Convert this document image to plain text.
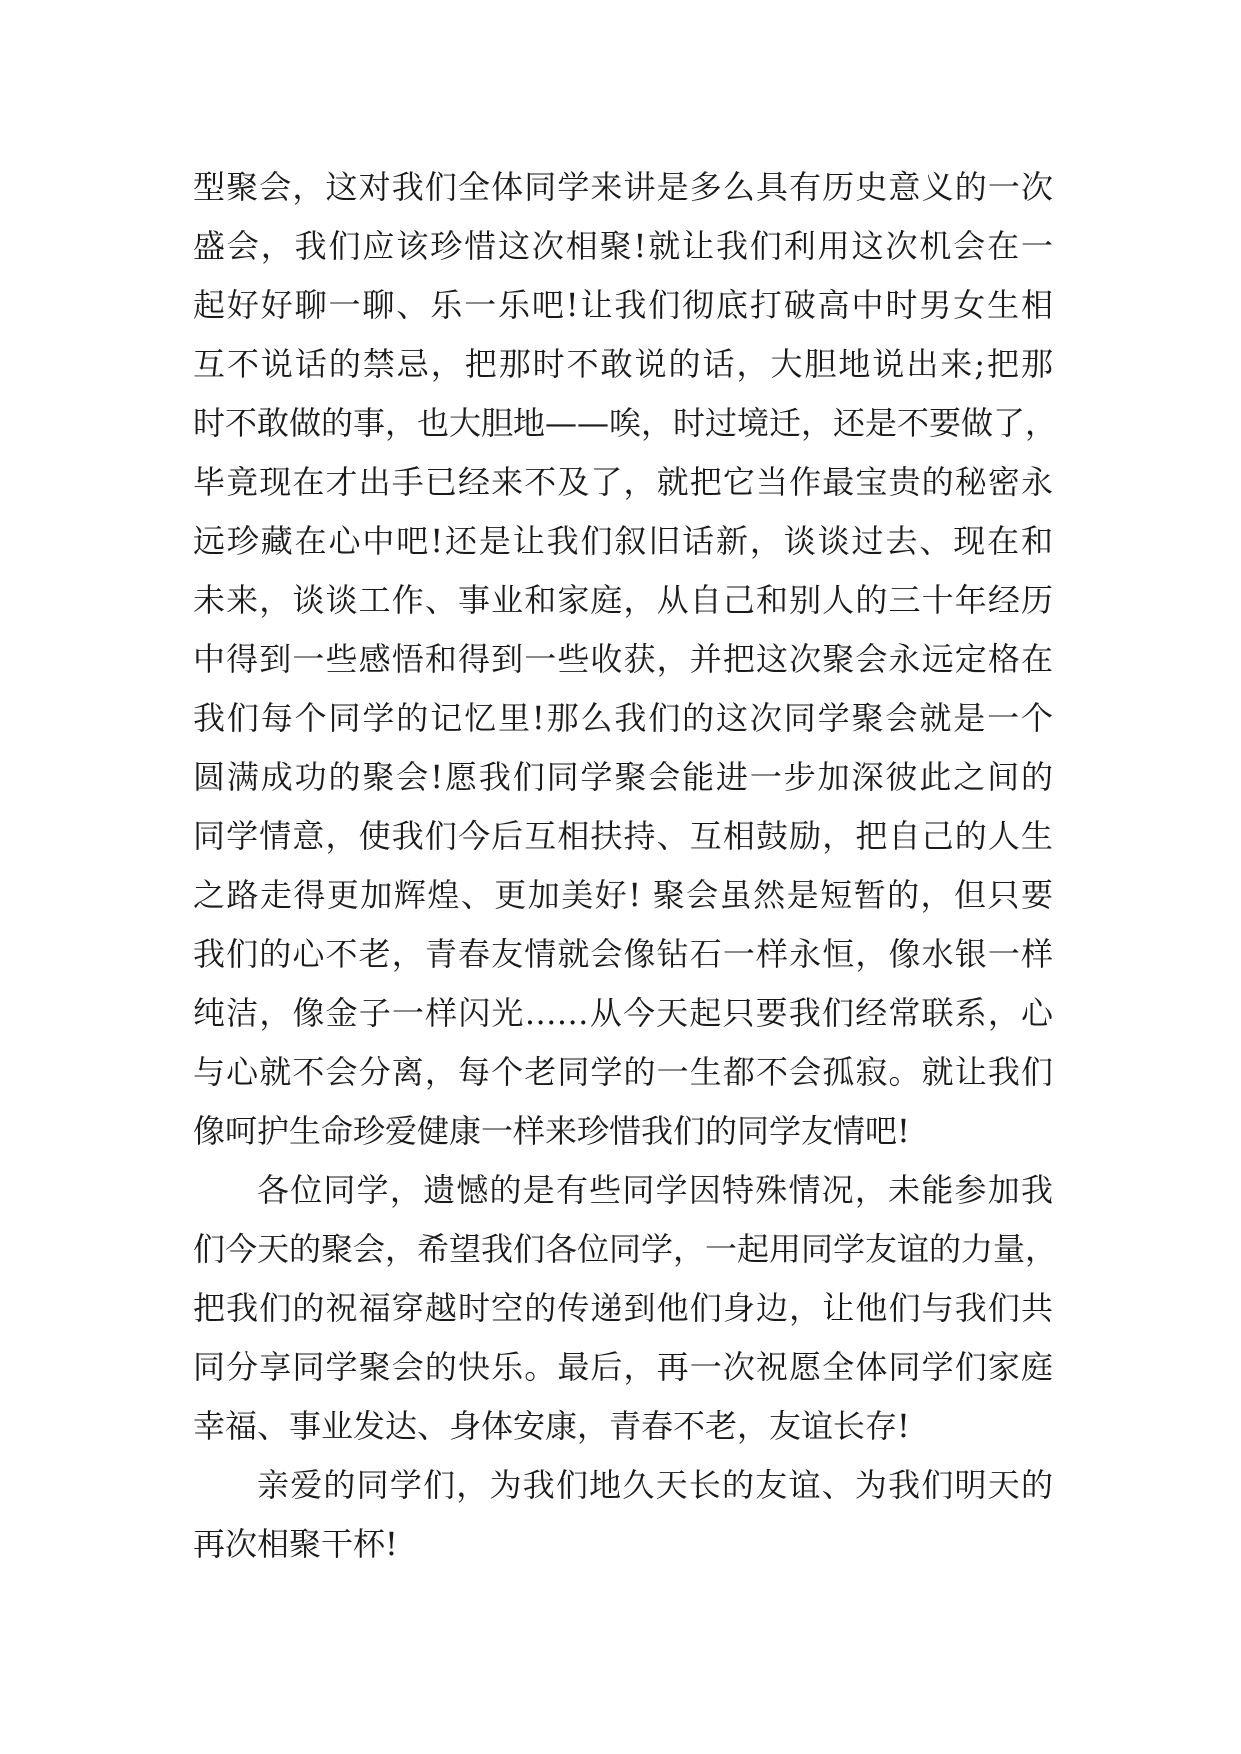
型聚会，这对我们全体同学来讲是多么具有历史意义的一次
盛会，我们应该珍惜这次相聚!就让我们利用这次机会在一
起好好聊一聊、乐一乐吧!让我们彻底打破高中时男女生相
互不说话的禁忌，把那时不敢说的话，大胆地说出来;把那
时不敢做的事，也大胆地——唉，时过境迁，还是不要做了，
毕竟现在才出手已经来不及了，就把它当作最宝贵的秘密永
远珍藏在心中吧!还是让我们叙旧话新，谈谈过去、现在和
未来，谈谈工作、事业和家庭，从自己和别人的三十年经历
中得到一些感悟和得到一些收获，并把这次聚会永远定格在
我们每个同学的记忆里!那么我们的这次同学聚会就是一个
圆满成功的聚会!愿我们同学聚会能进一步加深彼此之间的
同学情意，使我们今后互相扶持、互相鼓励，把自己的人生
之路走得更加辉煌、更加美好! 聚会虽然是短暂的，但只要
我们的心不老，青春友情就会像钻石一样永恒，像水银一样
纯洁，像金子一样闪光……从今天起只要我们经常联系，心
与心就不会分离，每个老同学的一生都不会孤寂。就让我们
像呵护生命珍爱健康一样来珍惜我们的同学友情吧!
各位同学，遗憾的是有些同学因特殊情况，未能参加我
们今天的聚会，希望我们各位同学，一起用同学友谊的力量，
把我们的祝福穿越时空的传递到他们身边，让他们与我们共
同分享同学聚会的快乐。最后，再一次祝愿全体同学们家庭
幸福、事业发达、身体安康，青春不老，友谊长存!
亲爱的同学们，为我们地久天长的友谊、为我们明天的
再次相聚干杯!
